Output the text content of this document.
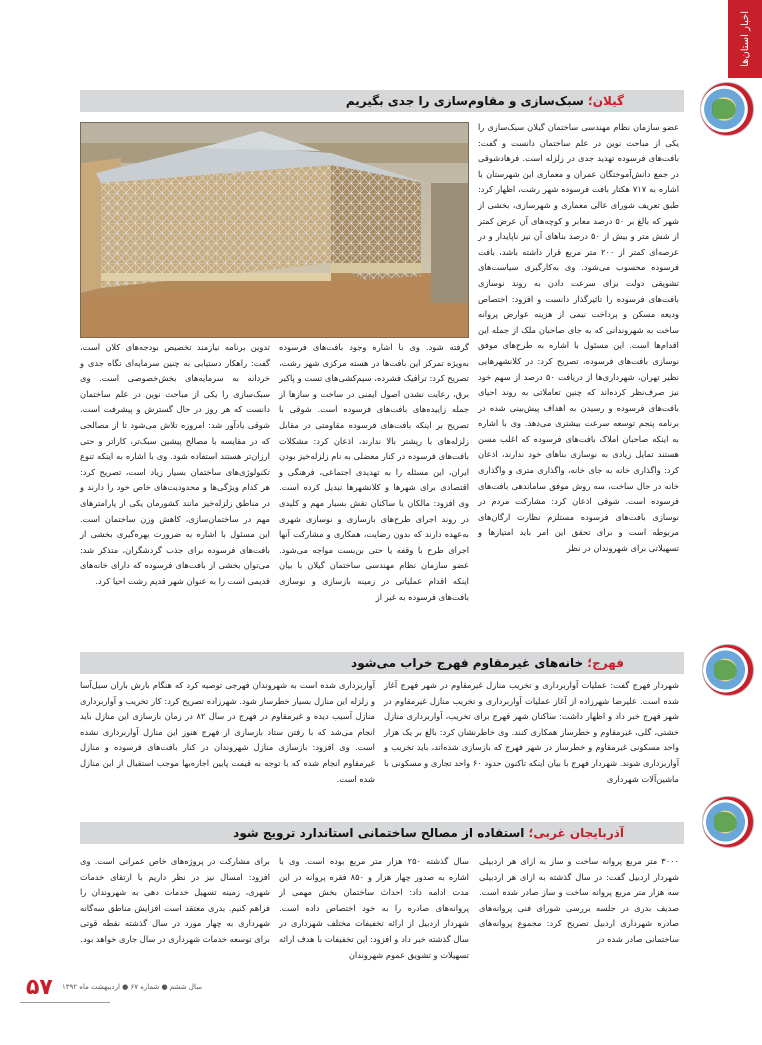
اخبار استان‌ها
گیلان؛ سبک‌سازی و مقاوم‌سازی را جدی بگیریم
عضو سازمان نظام مهندسی ساختمان گیلان سبک‌سازی را یکی از مباحث نوین در علم ساختمان دانست و گفت: بافت‌های فرسوده تهدید جدی در زلزله است. فرهادشوقی در جمع دانش‌آموختگان عمران و معماری این شهرستان با اشاره به ۷۱۷ هکتار بافت فرسوده شهر رشت، اظهار کرد: طبق تعریف شورای عالی معماری و شهرسازی، بخشی از شهر که بالغ بر ۵۰ درصد معابر و کوچه‌های آن عرض کمتر از شش متر و بیش از ۵۰ درصد بناهای آن نیز ناپایدار و در عرصه‌ای کمتر از ۲۰۰ متر مربع قرار داشته باشد، بافت فرسوده محسوب می‌شود. وی به‌کارگیری سیاست‌های تشویقی دولت برای سرعت دادن به روند نوسازی بافت‌های فرسوده را تاثیرگذار دانست و افزود: اختصاص ودیعه مسکن و پرداخت نیمی از هزینه عوارض پروانه ساخت به شهروندانی که به جای صاحبان ملک از جمله این اقدام‌ها است. این مسئول با اشاره به طرح‌های موفق نوسازی بافت‌های فرسوده، تصریح کرد: در کلانشهرهایی نظیر تهران، شهرداری‌ها از دریافت ۵۰ درصد از سهم خود نیز صرف‌نظر کرده‌اند که چنین تعاملاتی به روند احیای بافت‌های فرسوده و رسیدن به اهداف پیش‌بینی شده در برنامه پنجم توسعه سرعت بیشتری می‌دهد. وی با اشاره به اینکه صاحبان املاک بافت‌های فرسوده که اغلب مسن هستند تمایل زیادی به نوسازی بناهای خود ندارند، اذعان کرد: واگذاری خانه به جای خانه، واگذاری متری و واگذاری خانه در حال ساخت، سه روش موفق ساماندهی بافت‌های فرسوده است. شوقی اذعان کرد: مشارکت مردم در نوسازی بافت‌های فرسوده مستلزم نظارت ارگان‌های مربوطه است و برای تحقق این امر باید امتیازها و تسهیلاتی برای شهروندان در نظر
گرفته شود. وی با اشاره وجود بافت‌های فرسوده به‌ویژه تمرکز این بافت‌ها در هسته مرکزی شهر رشت، تصریح کرد: ترافیک فشرده، سیم‌کشی‌های تست و پاکیر برق، رعایت نشدن اصول ایمنی در ساخت و سازها از جمله زاییده‌های بافت‌های فرسوده است. شوقی با تصریح بر اینکه بافت‌های فرسوده مقاومتی در مقابل زلزله‌های با ریشتر بالا ندارند، اذعان کرد: مشکلات بافت‌های فرسوده در کنار معضلی به نام زلزله‌خیز بودن ایران، این مسئله را به تهدیدی اجتماعی، فرهنگی و اقتصادی برای شهرها و کلانشهرها تبدیل کرده است. وی افزود: مالکان یا ساکنان نقش بسیار مهم و کلیدی در روند اجرای طرح‌های بازسازی و نوسازی شهری به‌عهده دارند که بدون رضایت، همکاری و مشارکت آنها اجرای طرح با وقفه یا حتی بن‌بست مواجه می‌شود. عضو سازمان نظام مهندسی ساختمان گیلان با بیان اینکه اقدام عملیاتی در زمینه بازسازی و نوسازی بافت‌های فرسوده به غیر از
تدوین برنامه نیازمند تخصیص بودجه‌های کلان است، گفت: راهکار دستیابی به چنین سرمایه‌ای نگاه جدی و خردانه به سرمایه‌های بخش‌خصوصی است. وی سبک‌سازی را یکی از مباحث نوین در علم ساختمان دانست که هر روز در حال گسترش و پیشرفت است. شوقی یادآور شد: امروزه تلاش می‌شود تا از مصالحی که در مقایسه با مصالح پیشین سبک‌تر، کاراتر و حتی ارزان‌تر هستند استفاده شود. وی با اشاره به اینکه تنوع تکنولوژی‌های ساختمان بسیار زیاد است، تصریح کرد: هر کدام ویژگی‌ها و محدودیت‌های خاص خود را دارند و در مناطق زلزله‌خیز مانند کشورمان یکی از پارامترهای مهم در ساختمان‌سازی، کاهش وزن ساختمان است. این مسئول با اشاره به ضرورت بهره‌گیری بخشی از بافت‌های فرسوده برای جذب گردشگران، متذکر شد: می‌توان بخشی از بافت‌های فرسوده که دارای خانه‌های قدیمی است را به عنوان شهر قدیم رشت احیا کرد.
فهرج؛ خانه‌های غیرمقاوم فهرج خراب می‌شود
شهردار فهرج گفت: عملیات آواربرداری و تخریب منازل غیرمقاوم در شهر فهرج آغاز شده است. علیرضا شهرزاده از آغاز عملیات آواربرداری و تخریب منازل غیرمقاوم در شهر فهرج خبر داد و اظهار داشت: ساکنان شهر فهرج برای تخریب، آواربرداری منازل خشتی، گلی، غیرمقاوم و خطرساز همکاری کنند. وی خاطرنشان کرد: بالغ بر یک هزار واحد مسکونی غیرمقاوم و خطرساز در شهر فهرج که بازسازی شده‌اند، باید تخریب و آواربرداری شوند. شهردار فهرج با بیان اینکه تاکنون حدود ۶۰ واحد تجاری و مسکونی با ماشین‌آلات شهرداری
آواربرداری شده است به شهروندان فهرجی توصیه کرد که هنگام بارش باران سیل‌آسا و زلزله این منازل بسیار خطرساز شود. شهرزاده تصریح کرد: کار تخریب و آواربرداری منازل آسیب دیده و غیرمقاوم در فهرج در سال ۸۲ در زمان بازسازی این منازل باید انجام می‌شد که با رفتن ستاد بازسازی از فهرج هنوز این منازل آواربرداری نشده است. وی افزود: بازسازی منازل شهروندان در کنار بافت‌های فرسوده و منازل غیرمقاوم انجام شده که با توجه به قیمت پایین اجاره‌بها موجب استقبال از این منازل شده است.
آذربایجان غربی؛ استفاده از مصالح ساختمانی استاندارد ترویج شود
۳۰۰۰ متر مربع پروانه ساخت و ساز به ازای هر اردبیلی شهردار اردبیل گفت: در سال گذشته به ازای هر اردبیلی سه هزار متر مربع پروانه ساخت و ساز صادر شده است. صدیف بدری در جلسه بررسی شورای فنی پروانه‌های صادره شهرداری اردبیل تصریح کرد: مجموع پروانه‌های ساختمانی صادر شده در
سال گذشته ۲۵۰ هزار متر مربع بوده است. وی با اشاره به صدور چهار هزار و ۸۵۰ فقره پروانه در این مدت ادامه داد: احداث ساختمان بخش مهمی از پروانه‌های صادره را به خود اختصاص داده است. شهردار اردبیل از ارائه تخفیفات مختلف شهرداری در سال گذشته خبر داد و افزود: این تخفیفات با هدف ارائه تسهیلات و تشویق عموم شهروندان
برای مشارکت در پروژه‌های خاص عمرانی است. وی افزود: امسال نیز در نظر داریم با ارتقای خدمات شهری، زمینه تسهیل خدمات دهی به شهروندان را فراهم کنیم. بدری معتقد است افزایش مناطق سه‌گانه شهرداری به چهار مورد در سال گذشته نقطه قوتی برای توسعه خدمات شهرداری در سال جاری خواهد بود.
۵۷ سال ششم ● شماره ۶۷ ● اردیبهشت ماه ۱۳۹۲
